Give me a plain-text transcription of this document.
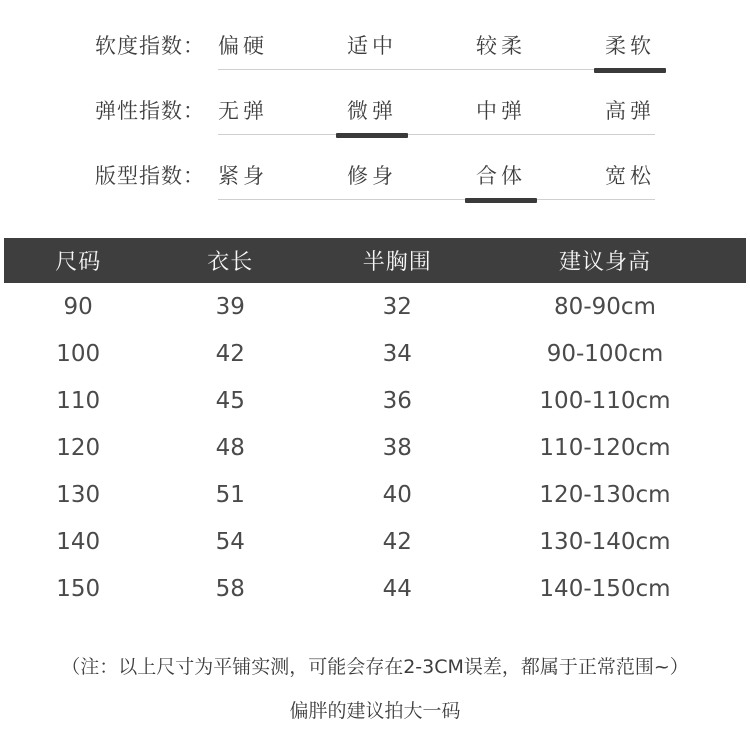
软度指数： 偏硬	适中	较柔	柔软
弹性指数： 无弹	微弹	中弹	高弹
版型指数： 紧身	修身	合体	宽松
尺码	衣长	半胸围	建议身高
90	39	32	80-90cm
100	42	34	90-100cm
110	45	36	100-110cm
120	48	38	110-120cm
130	51	40	120-130cm
140	54	42	130-140cm
150	58	44	140-150cm
（注：以上尺寸为平铺实测，可能会存在2-3CM误差，都属于正常范围~）
偏胖的建议拍大一码
